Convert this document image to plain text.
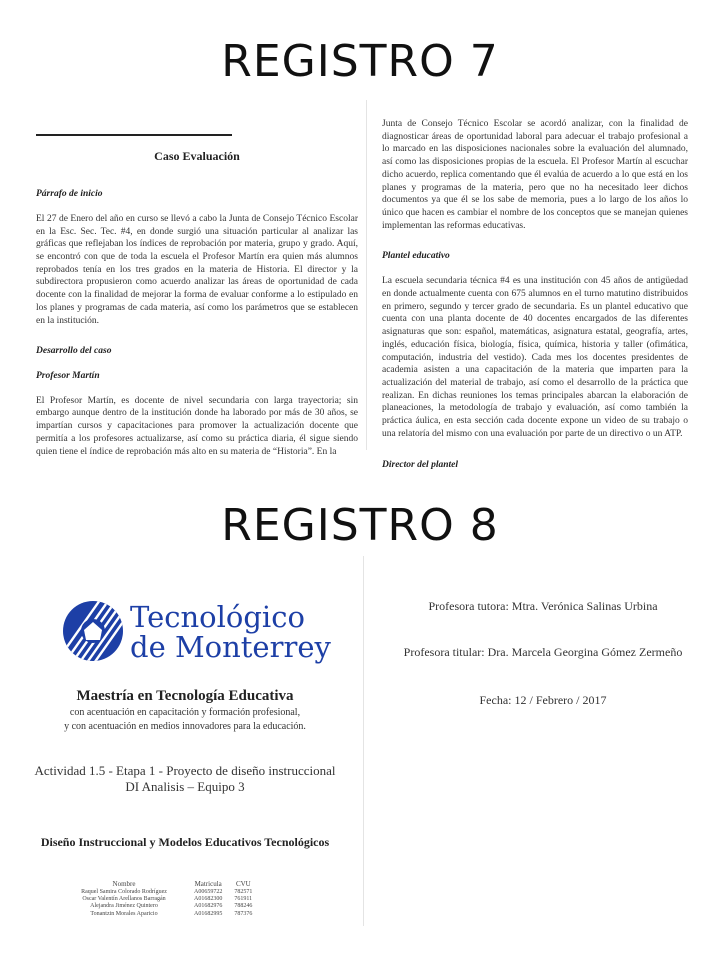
REGISTRO 7
Caso Evaluación
Párrafo de inicio

El 27 de Enero del año en curso se llevó a cabo la Junta de Consejo Técnico Escolar en la Esc. Sec. Tec. #4, en donde surgió una situación particular al analizar las gráficas que reflejaban los índices de reprobación por materia, grupo y grado. Aquí, se encontró con que de toda la escuela el Profesor Martín era quien más alumnos reprobados tenía en los tres grados en la materia de Historia. El director y la subdirectora propusieron como acuerdo analizar las áreas de oportunidad de cada docente con la finalidad de mejorar la forma de evaluar conforme a lo estipulado en los planes y programas de cada materia, así como los parámetros que se establecen en la institución.

Desarrollo del caso
Profesor Martín

El Profesor Martín, es docente de nivel secundaria con larga trayectoria; sin embargo aunque dentro de la institución donde ha laborado por más de 30 años, se impartían cursos y capacitaciones para promover la actualización docente que permitía a los profesores actualizarse, así como su práctica diaria, él sigue siendo quien tiene el índice de reprobación más alto en su materia de “Historia”. En la

Junta de Consejo Técnico Escolar se acordó analizar, con la finalidad de diagnosticar áreas de oportunidad laboral para adecuar el trabajo profesional a lo marcado en las disposiciones nacionales sobre la evaluación del alumnado, así como las disposiciones propias de la escuela. El Profesor Martín al escuchar dicho acuerdo, replica comentando que él evalúa de acuerdo a lo que está en los planes y programas de la materia, pero que no ha necesitado leer dichos documentos ya que él se los sabe de memoria, pues a lo largo de los años lo único que hacen es cambiar el nombre de los conceptos que se manejan quienes implementan las reformas educativas.

Plantel educativo

La escuela secundaria técnica #4 es una institución con 45 años de antigüedad en donde actualmente cuenta con 675 alumnos en el turno matutino distribuidos en primero, segundo y tercer grado de secundaria. Es un plantel educativo que cuenta con una planta docente de 40 docentes encargados de las diferentes asignaturas que son: español, matemáticas, asignatura estatal, geografía, artes, inglés, educación física, biología, física, química, historia y taller (ofimática, computación, industria del vestido). Cada mes los docentes presidentes de academia asisten a una capacitación de la materia que imparten para la actualización del material de trabajo, así como el desarrollo de la práctica que realizan. En dichas reuniones los temas principales abarcan la elaboración de planeaciones, la metodología de trabajo y evaluación, así como también la práctica áulica, en esta sección cada docente expone un video de su trabajo o una relatoría del mismo con una evaluación por parte de un directivo o un ATP.

Director del plantel
REGISTRO 8
Tecnológico
de Monterrey
Maestría en Tecnología Educativa
con acentuación en capacitación y formación profesional,
y con acentuación en medios innovadores para la educación.
Actividad 1.5 - Etapa 1 - Proyecto de diseño instruccional DI Analisis – Equipo 3
Diseño Instruccional y Modelos Educativos Tecnológicos
Nombre	Matricula	CVU
Raquel Samira Colorado Rodríguez	A00659722	782571
Oscar Valentín Arellanos Barragán	A01682300	761911
Alejandra Jiménez Quintero	A01682976	788246
Tonantzin Morales Aparicio	A01682995	787376
Profesora tutora: Mtra. Verónica Salinas Urbina
Profesora titular: Dra. Marcela Georgina Gómez Zermeño
Fecha: 12 / Febrero / 2017
